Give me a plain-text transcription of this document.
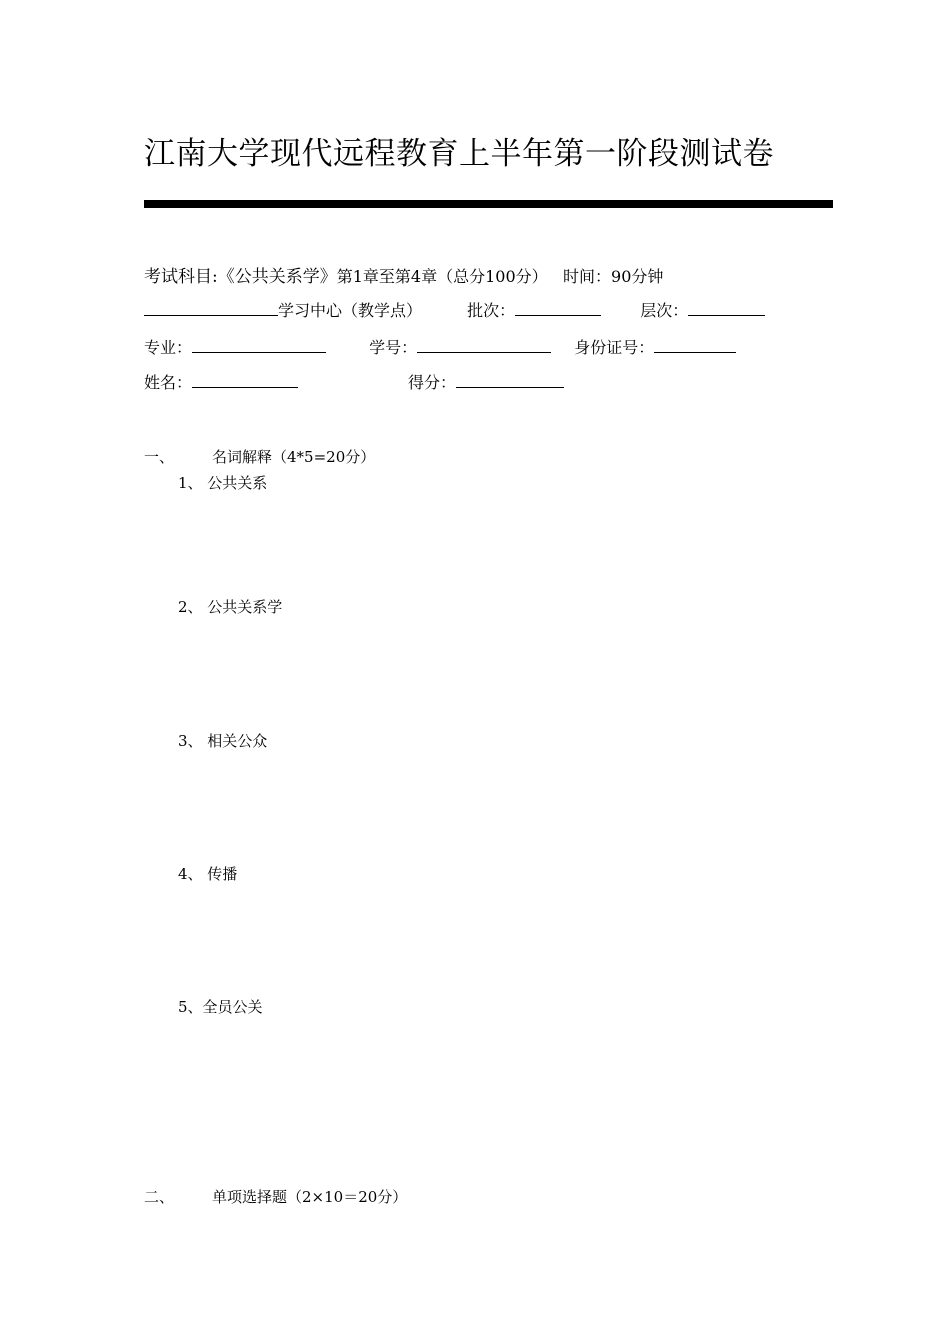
江南大学现代远程教育上半年第一阶段测试卷
考试科目:《公共关系学》第1章至第4章（总分100分） 时间：90分钟
学习中心（教学点）	批次：	层次：
专业：	学号：	身份证号：
姓名：	得分：
一、	名词解释（4*5=20分）
1、 公共关系
2、 公共关系学
3、 相关公众
4、 传播
5、全员公关
二、	单项选择题（2×10＝20分）
